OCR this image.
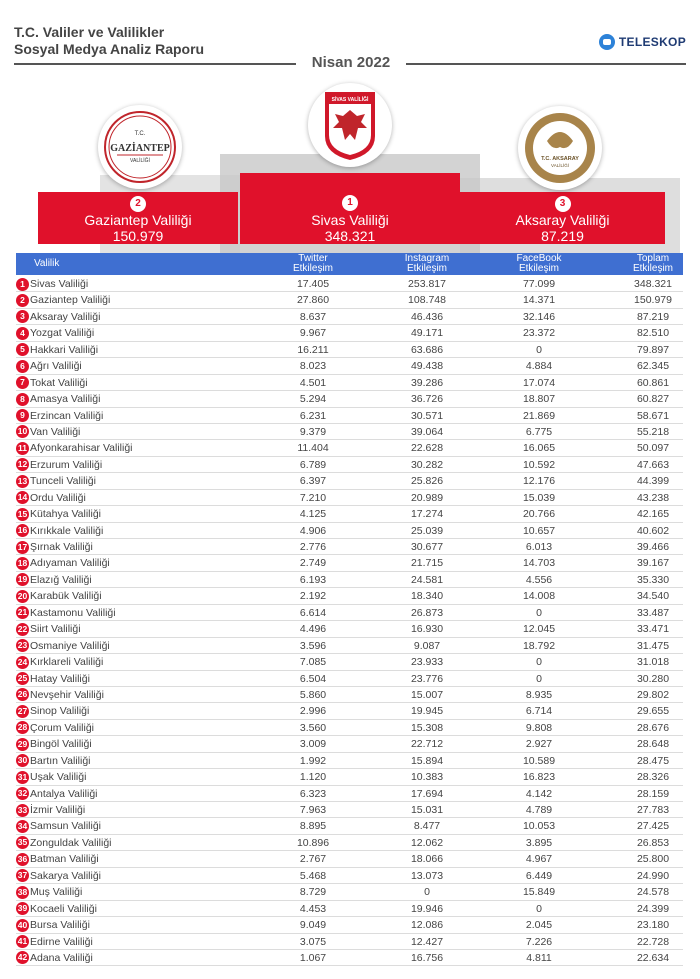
T.C. Valiler ve Valilikler
Sosyal Medya Analiz Raporu	TELESKOP
Nisan 2022
2
Gaziantep Valiliği
150.979
1
Sivas Valiliği
348.321
3
Aksaray Valiliği
87.219
T.C.
GAZİANTEP
VALİLİĞİ
SİVAS VALİLİĞİ
T.C. AKSARAY
VALİLİĞİ
Valilik	Twitter
Etkileşim
Instagram
Etkileşim
FaceBook
Etkileşim
Toplam
Etkileşim
1 Sivas Valiliği	17.405	253.817	77.099	348.321
2 Gaziantep Valiliği	27.860	108.748	14.371	150.979
3 Aksaray Valiliği	8.637	46.436	32.146	87.219
4 Yozgat Valiliği	9.967	49.171	23.372	82.510
5 Hakkari Valiliği	16.211	63.686	0	79.897
6 Ağrı Valiliği	8.023	49.438	4.884	62.345
7 Tokat Valiliği	4.501	39.286	17.074	60.861
8 Amasya Valiliği	5.294	36.726	18.807	60.827
9 Erzincan Valiliği	6.231	30.571	21.869	58.671
10 Van Valiliği	9.379	39.064	6.775	55.218
11 Afyonkarahisar Valiliği	11.404	22.628	16.065	50.097
12 Erzurum Valiliği	6.789	30.282	10.592	47.663
13 Tunceli Valiliği	6.397	25.826	12.176	44.399
14 Ordu Valiliği	7.210	20.989	15.039	43.238
15 Kütahya Valiliği	4.125	17.274	20.766	42.165
16 Kırıkkale Valiliği	4.906	25.039	10.657	40.602
17 Şırnak Valiliği	2.776	30.677	6.013	39.466
18 Adıyaman Valiliği	2.749	21.715	14.703	39.167
19 Elazığ Valiliği	6.193	24.581	4.556	35.330
20 Karabük Valiliği	2.192	18.340	14.008	34.540
21 Kastamonu Valiliği	6.614	26.873	0	33.487
22 Siirt Valiliği	4.496	16.930	12.045	33.471
23 Osmaniye Valiliği	3.596	9.087	18.792	31.475
24 Kırklareli Valiliği	7.085	23.933	0	31.018
25 Hatay Valiliği	6.504	23.776	0	30.280
26 Nevşehir Valiliği	5.860	15.007	8.935	29.802
27 Sinop Valiliği	2.996	19.945	6.714	29.655
28 Çorum Valiliği	3.560	15.308	9.808	28.676
29 Bingöl Valiliği	3.009	22.712	2.927	28.648
30 Bartın Valiliği	1.992	15.894	10.589	28.475
31 Uşak Valiliği	1.120	10.383	16.823	28.326
32 Antalya Valiliği	6.323	17.694	4.142	28.159
33 İzmir Valiliği	7.963	15.031	4.789	27.783
34 Samsun Valiliği	8.895	8.477	10.053	27.425
35 Zonguldak Valiliği	10.896	12.062	3.895	26.853
36 Batman Valiliği	2.767	18.066	4.967	25.800
37 Sakarya Valiliği	5.468	13.073	6.449	24.990
38 Muş Valiliği	8.729	0	15.849	24.578
39 Kocaeli Valiliği	4.453	19.946	0	24.399
40 Bursa Valiliği	9.049	12.086	2.045	23.180
41 Edirne Valiliği	3.075	12.427	7.226	22.728
42 Adana Valiliği	1.067	16.756	4.811	22.634
